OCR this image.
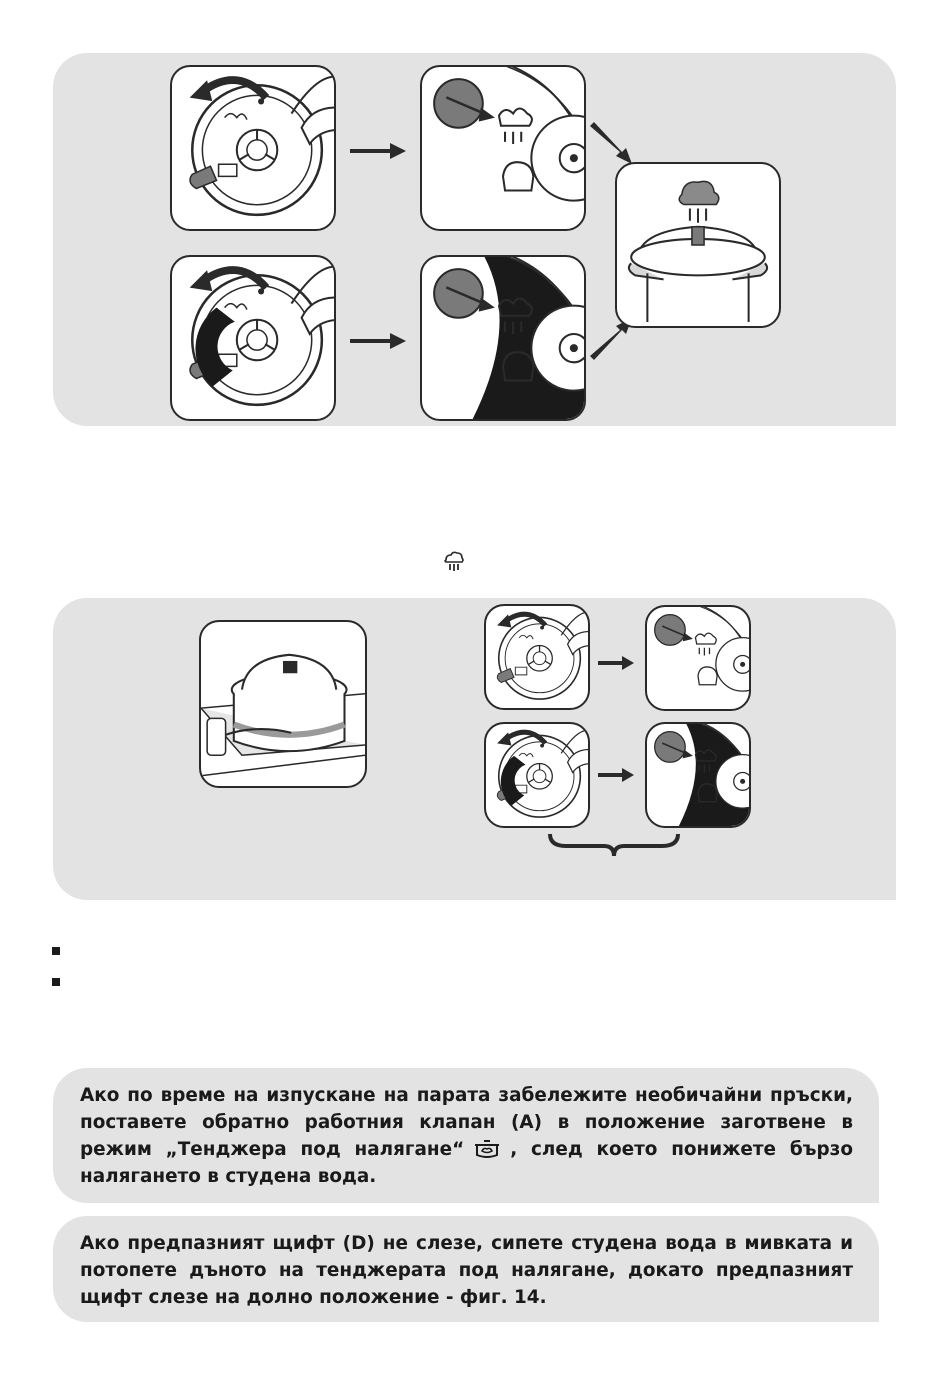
Ако по време на изпускане на парата забележите необичайни пръски, поставете обратно работния клапан (А) в положение заготвене в режим „Тенджера под налягане“	, след което понижете бързо налягането в студена вода.

Ако предпазният щифт (D) не слезе, сипете студена вода в мивката и потопете дъното на тенджерата под налягане, докато предпазният щифт слезе на долно положение - фиг. 14.
